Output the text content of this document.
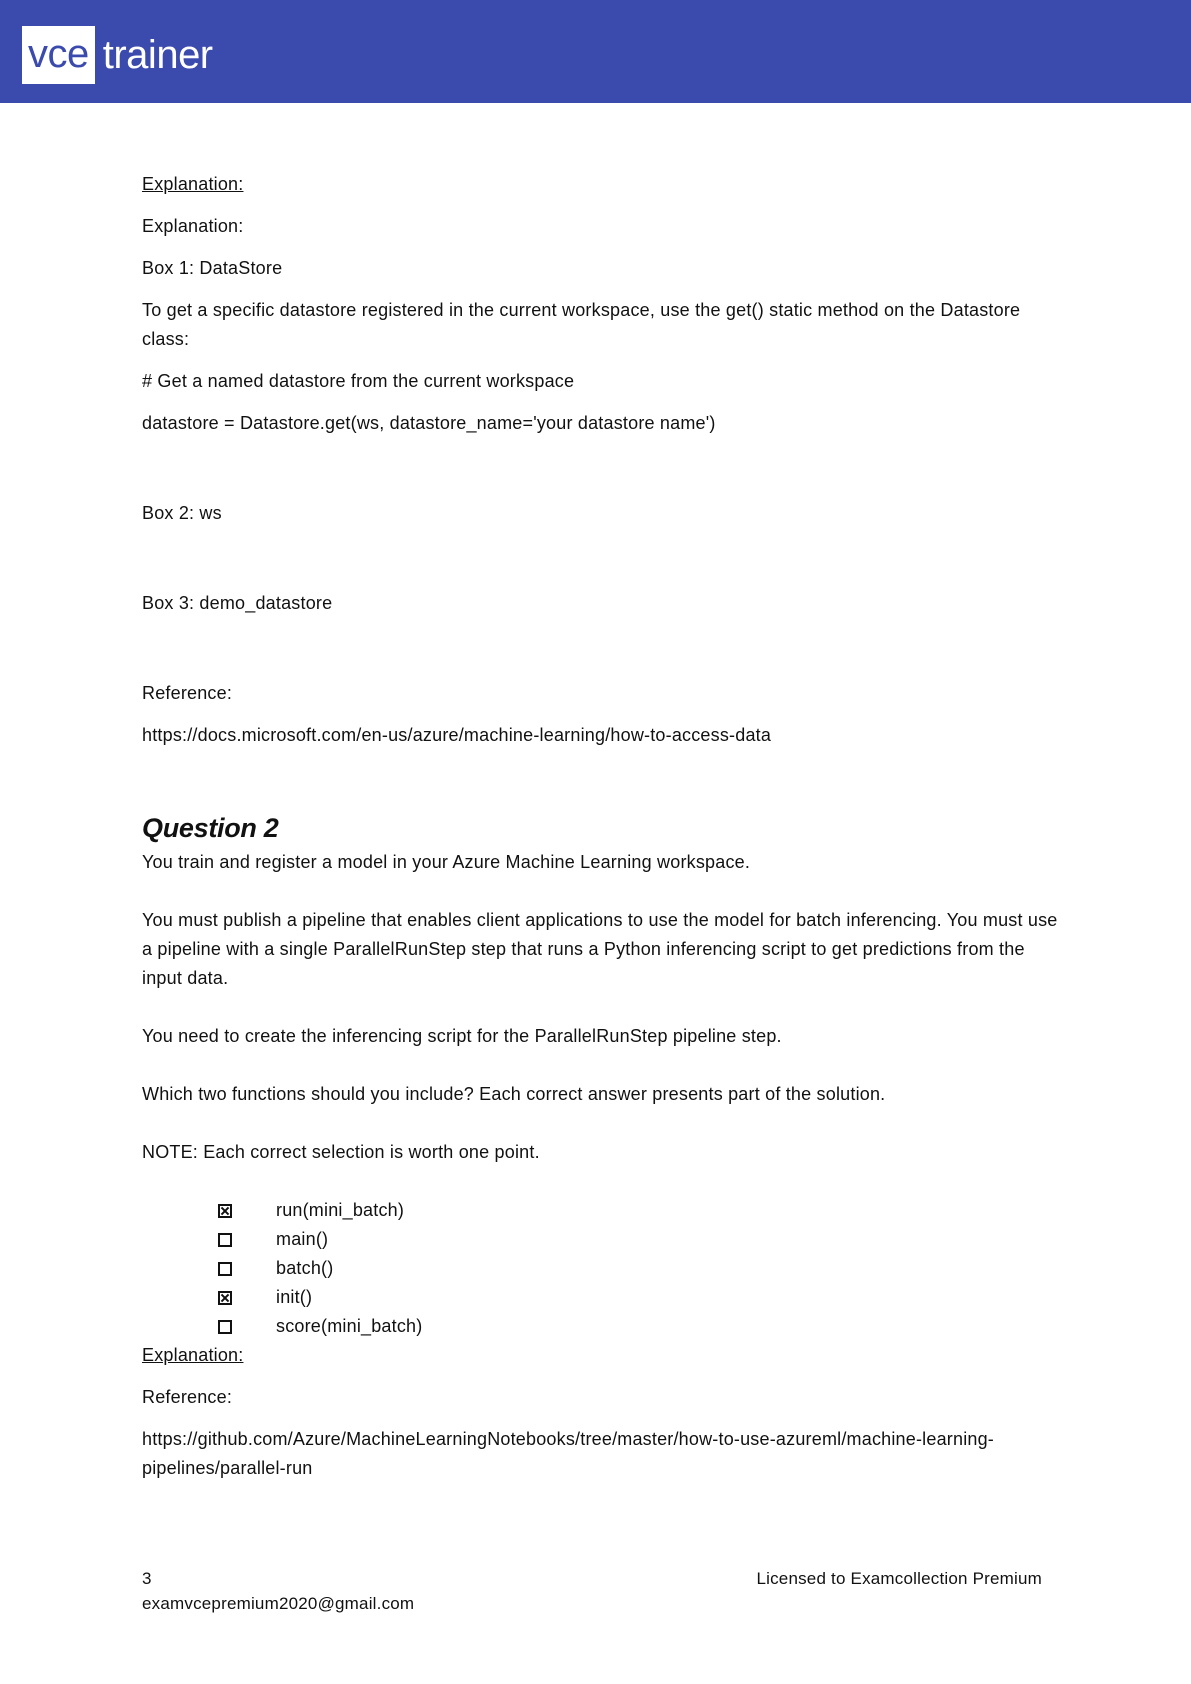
vce trainer

Explanation:

Explanation:

Box 1: DataStore

To get a specific datastore registered in the current workspace, use the get() static method on the Datastore class:

# Get a named datastore from the current workspace

datastore = Datastore.get(ws, datastore_name='your datastore name')

Box 2: ws

Box 3: demo_datastore

Reference:

https://docs.microsoft.com/en-us/azure/machine-learning/how-to-access-data

Question 2

You train and register a model in your Azure Machine Learning workspace.

You must publish a pipeline that enables client applications to use the model for batch inferencing. You must use a pipeline with a single ParallelRunStep step that runs a Python inferencing script to get predictions from the input data.

You need to create the inferencing script for the ParallelRunStep pipeline step.

Which two functions should you include? Each correct answer presents part of the solution.

NOTE: Each correct selection is worth one point.

run(mini_batch)
main()
batch()
init()
score(mini_batch)

Explanation:

Reference:

https://github.com/Azure/MachineLearningNotebooks/tree/master/how-to-use-azureml/machine-learning-pipelines/parallel-run

3
examvcepremium2020@gmail.com
Licensed to Examcollection Premium
